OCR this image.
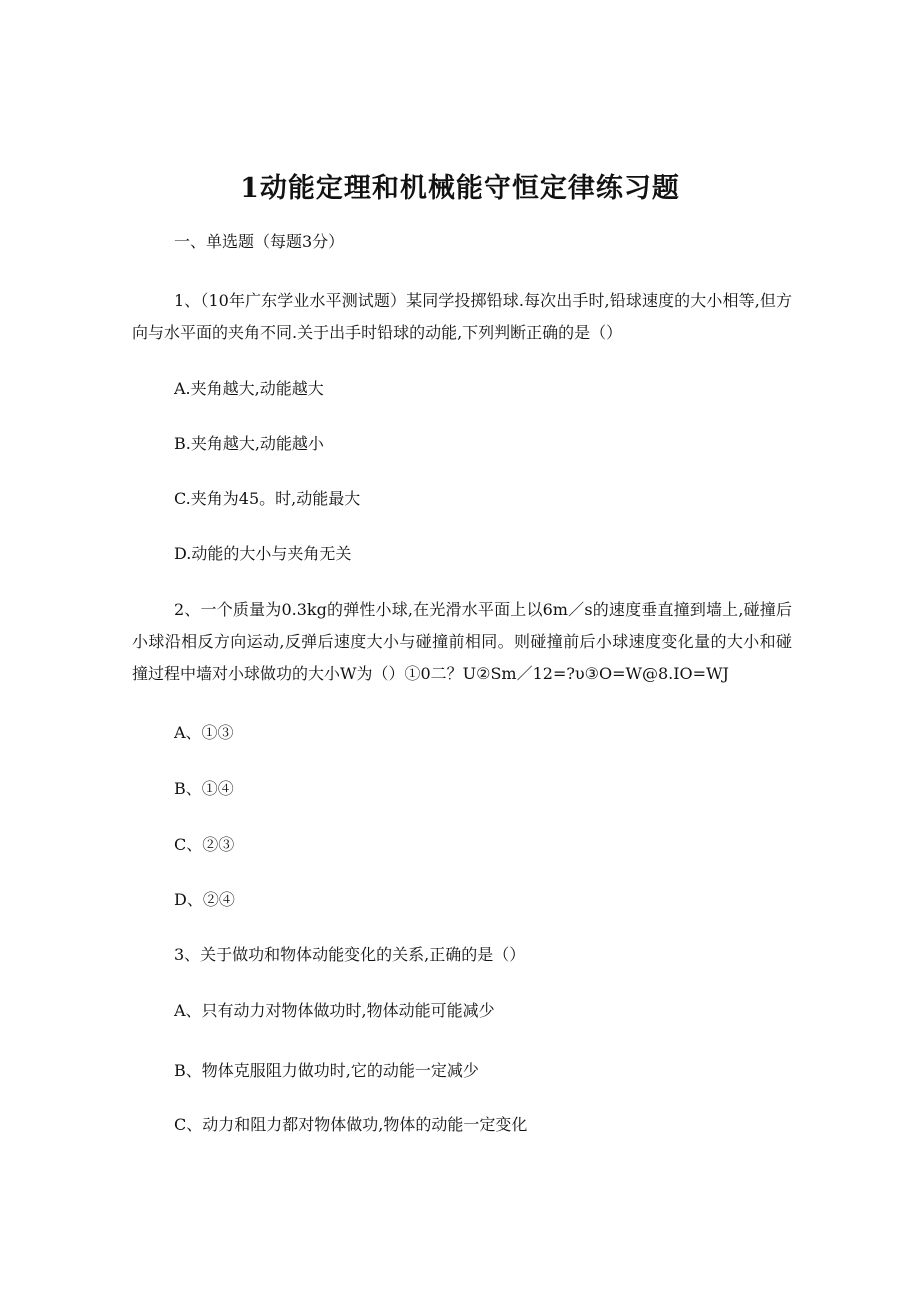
1动能定理和机械能守恒定律练习题
一、单选题（每题3分）
1、（10年广东学业水平测试题）某同学投掷铅球.每次出手时,铅球速度的大小相等,但方向与水平面的夹角不同.关于出手时铅球的动能,下列判断正确的是（）
A.夹角越大,动能越大
B.夹角越大,动能越小
C.夹角为45。时,动能最大
D.动能的大小与夹角无关
2、一个质量为0.3kg的弹性小球,在光滑水平面上以6m／s的速度垂直撞到墙上,碰撞后小球沿相反方向运动,反弹后速度大小与碰撞前相同。则碰撞前后小球速度变化量的大小和碰撞过程中墙对小球做功的大小W为（）①0二？U②Sm／12=?υ③O=W@8.IO=WJ
A、①③
B、①④
C、②③
D、②④
3、关于做功和物体动能变化的关系,正确的是（）
A、只有动力对物体做功时,物体动能可能减少
B、物体克服阻力做功时,它的动能一定减少
C、动力和阻力都对物体做功,物体的动能一定变化
